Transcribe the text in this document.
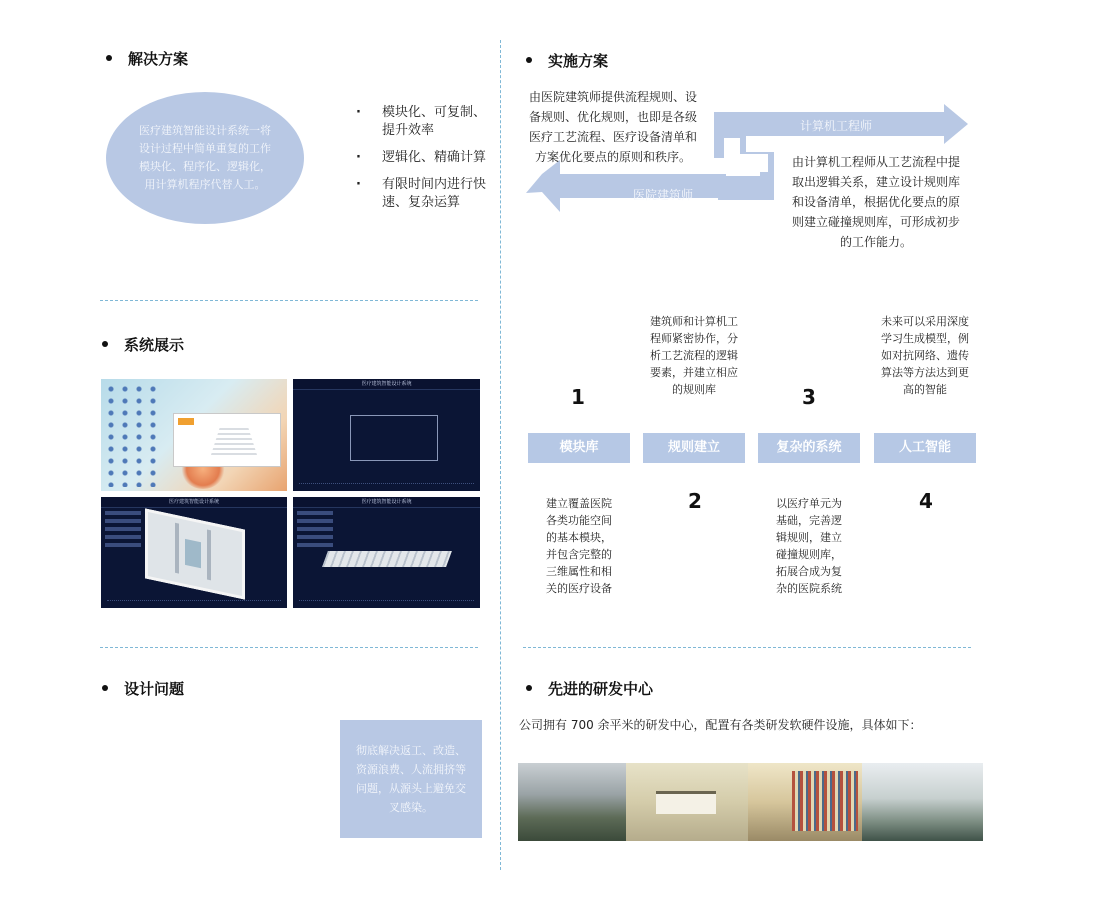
解决方案
医疗建筑智能设计系统一将设计过程中简单重复的工作模块化、程序化、逻辑化，用计算机程序代替人工。
· 模块化、可复制、提升效率
· 逻辑化、精确计算
· 有限时间内进行快速、复杂运算
实施方案
计算机工程师
医院建筑师
由医院建筑师提供流程规则、设备规则、优化规则，也即是各级医疗工艺流程、医疗设备清单和方案优化要点的原则和秩序。	由计算机工程师从工艺流程中提取出逻辑关系，建立设计规则库和设备清单，根据优化要点的原则建立碰撞规则库，可形成初步的工作能力。
系统展示
医疗建筑智能设计系统
医疗建筑智能设计系统	医疗建筑智能设计系统
建筑师和计算机工程师紧密协作，分析工艺流程的逻辑要素，并建立相应的规则库
未来可以采用深度学习生成模型，例如对抗网络、遗传算法等方法达到更高的智能
1	3
模块库	规则建立	复杂的系统	人工智能
2	4
建立覆盖医院各类功能空间的基本模块，并包含完整的三维属性和相关的医疗设备
以医疗单元为基础，完善逻辑规则，建立碰撞规则库，拓展合成为复杂的医院系统
设计问题
彻底解决返工、改造、资源浪费、人流拥挤等问题，从源头上避免交叉感染。
先进的研发中心
公司拥有 700 余平米的研发中心，配置有各类研发软硬件设施，具体如下：
